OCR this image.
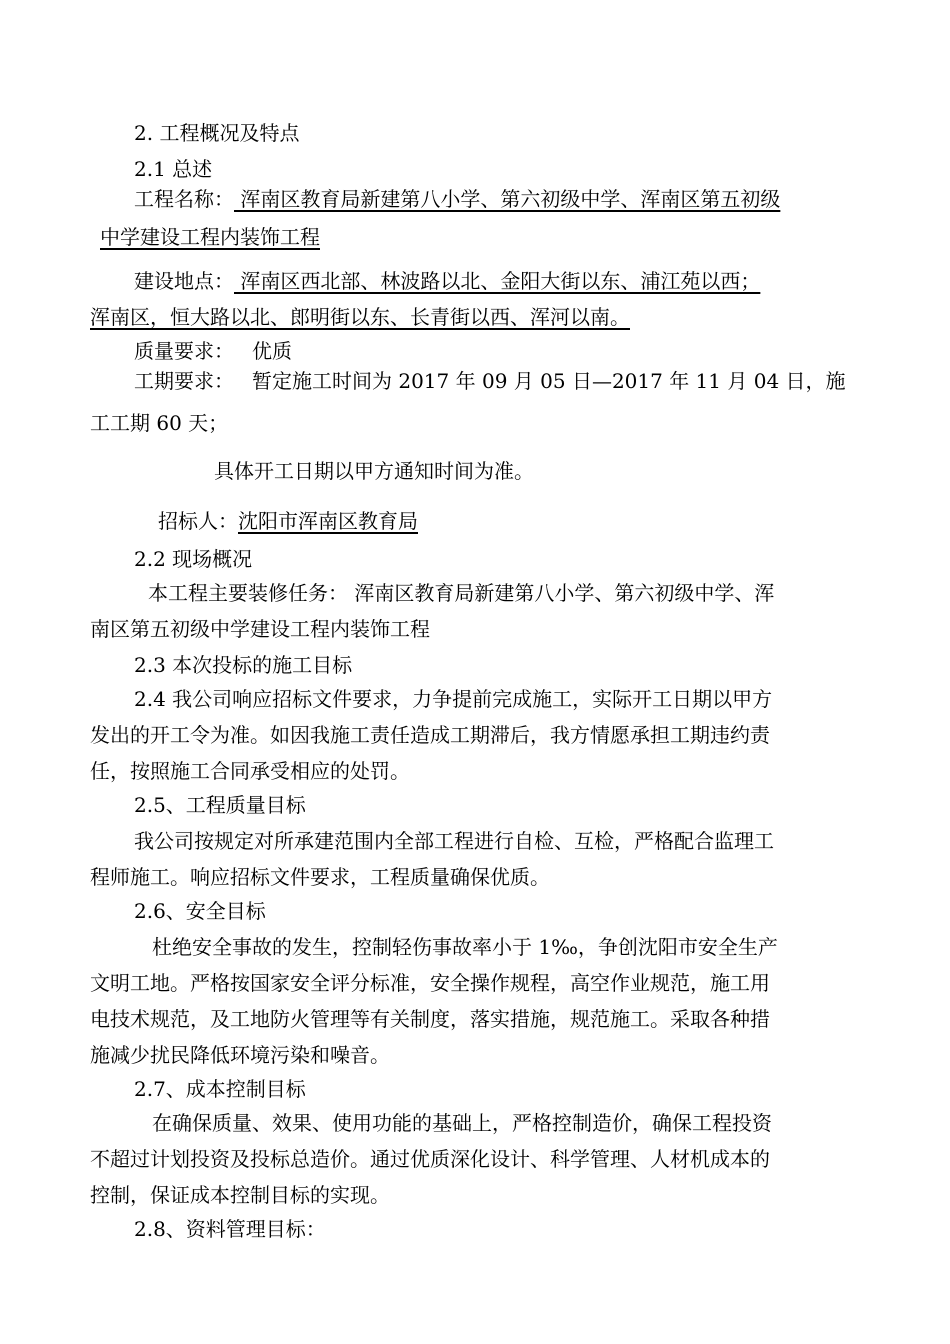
2. 工程概况及特点
2.1 总述
工程名称： 浑南区教育局新建第八小学、第六初级中学、浑南区第五初级
中学建设工程内装饰工程
建设地点： 浑南区西北部、林波路以北、金阳大街以东、浦江苑以西；
浑南区，恒大路以北、郎明街以东、长青街以西、浑河以南。
质量要求： 优质
工期要求： 暂定施工时间为 2017 年 09 月 05 日—2017 年 11 月 04 日，施
工工期 60 天；
具体开工日期以甲方通知时间为准。
招标人：沈阳市浑南区教育局
2.2 现场概况
本工程主要装修任务： 浑南区教育局新建第八小学、第六初级中学、浑
南区第五初级中学建设工程内装饰工程
2.3 本次投标的施工目标
2.4 我公司响应招标文件要求，力争提前完成施工，实际开工日期以甲方
发出的开工令为准。如因我施工责任造成工期滞后，我方情愿承担工期违约责
任，按照施工合同承受相应的处罚。
2.5、工程质量目标
我公司按规定对所承建范围内全部工程进行自检、互检，严格配合监理工
程师施工。响应招标文件要求，工程质量确保优质。
2.6、安全目标
杜绝安全事故的发生，控制轻伤事故率小于 1‰，争创沈阳市安全生产
文明工地。严格按国家安全评分标准，安全操作规程，高空作业规范，施工用
电技术规范，及工地防火管理等有关制度，落实措施，规范施工。采取各种措
施减少扰民降低环境污染和噪音。
2.7、成本控制目标
在确保质量、效果、使用功能的基础上，严格控制造价，确保工程投资
不超过计划投资及投标总造价。通过优质深化设计、科学管理、人材机成本的
控制，保证成本控制目标的实现。
2.8、资料管理目标：
